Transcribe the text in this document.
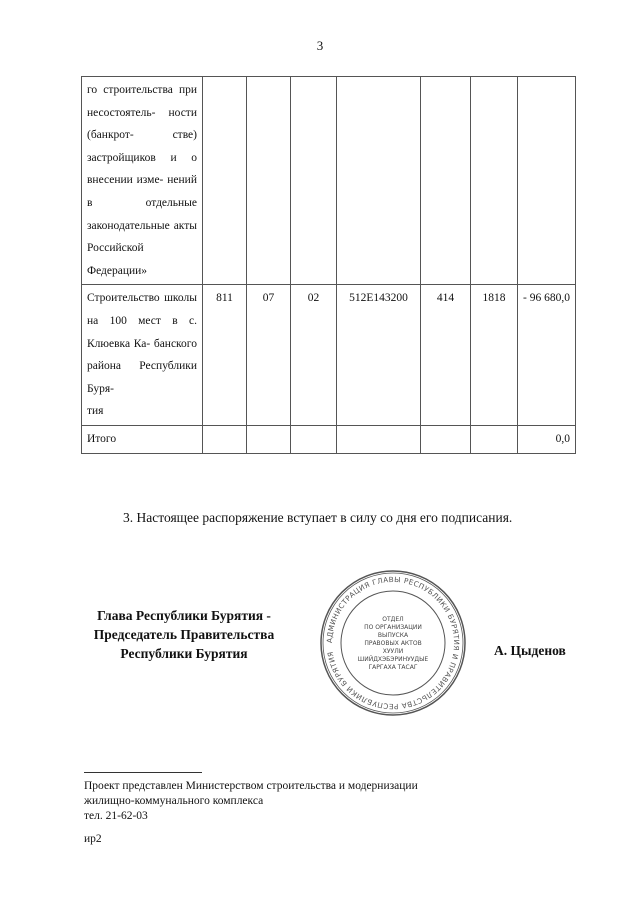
3
го строительства при несостоятель- ности (банкрот- стве) застройщиков и о внесении изме- нений в отдельные законодательные акты Российской
Федерации»							

Строительство школы на 100 мест в с. Клюевка Ка- банского района Республики Буря-
тия	811	07	02	512Е143200	414	1818	- 96 680,0

Итого							0,0
3. Настоящее распоряжение вступает в силу со дня его подписания.
Глава Республики Бурятия -
Председатель Правительства
Республики Бурятия
АДМИНИСТРАЦИЯ ГЛАВЫ РЕСПУБЛИКИ БУРЯТИЯ И ПРАВИТЕЛЬСТВА РЕСПУБЛИКИ БУРЯТИЯ
ОТДЕЛ
ПО ОРГАНИЗАЦИИ
ВЫПУСКА
ПРАВОВЫХ АКТОВ
ХУУЛИ
ШИЙДХЭБЭРИНУУДЫЕ
ГАРГАХА ТАСАГ
А. Цыденов
Проект представлен Министерством строительства и модернизации
жилищно-коммунального комплекса
тел. 21-62-03
ир2
